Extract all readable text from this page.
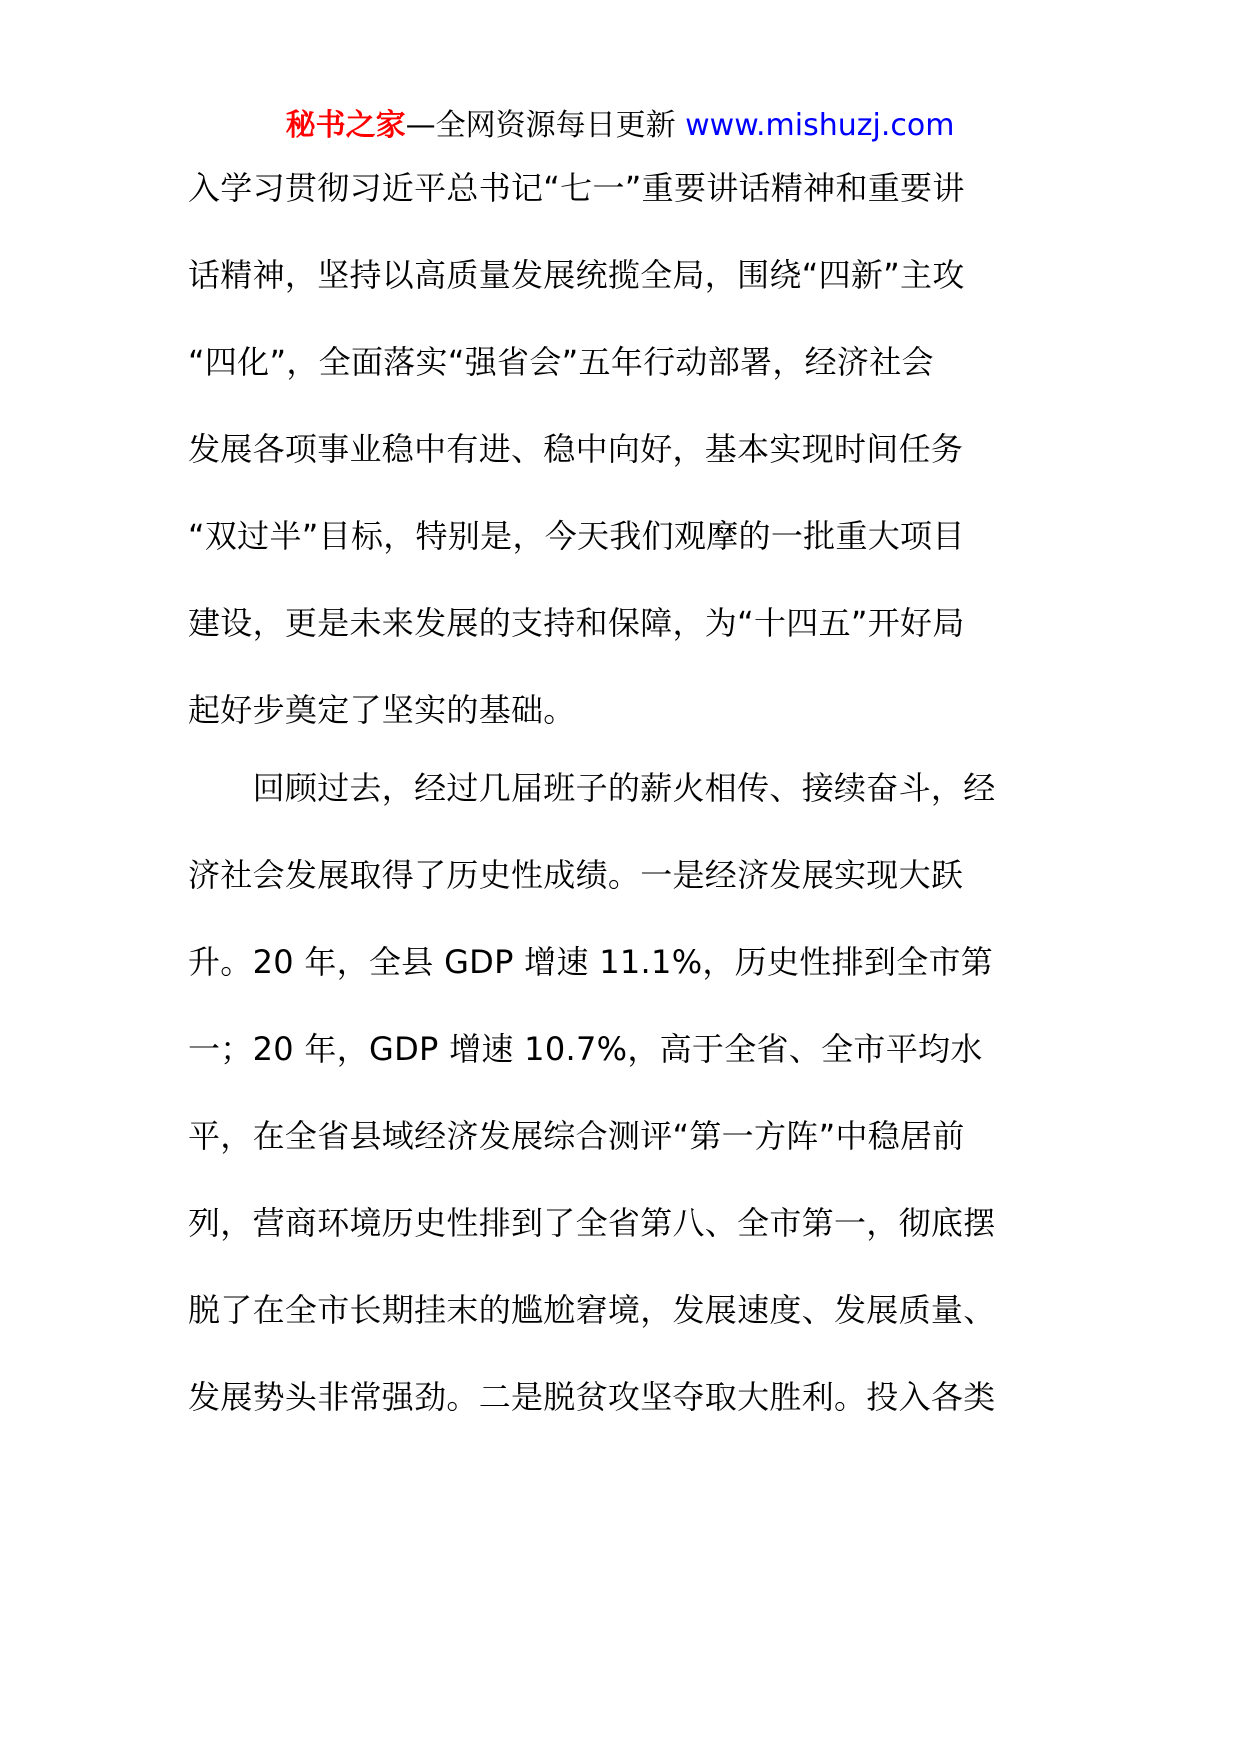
秘书之家—全网资源每日更新 www.mishuzj.com
入学习贯彻习近平总书记“七一”重要讲话精神和重要讲
话精神，坚持以高质量发展统揽全局，围绕“四新”主攻
“四化”，全面落实“强省会”五年行动部署，经济社会
发展各项事业稳中有进、稳中向好，基本实现时间任务
“双过半”目标，特别是，今天我们观摩的一批重大项目
建设，更是未来发展的支持和保障，为“十四五”开好局
起好步奠定了坚实的基础。
　　回顾过去，经过几届班子的薪火相传、接续奋斗，经
济社会发展取得了历史性成绩。一是经济发展实现大跃
升。20 年，全县 GDP 增速 11.1%，历史性排到全市第
一；20 年，GDP 增速 10.7%，高于全省、全市平均水
平，在全省县域经济发展综合测评“第一方阵”中稳居前
列，营商环境历史性排到了全省第八、全市第一，彻底摆
脱了在全市长期挂末的尴尬窘境，发展速度、发展质量、
发展势头非常强劲。二是脱贫攻坚夺取大胜利。投入各类
